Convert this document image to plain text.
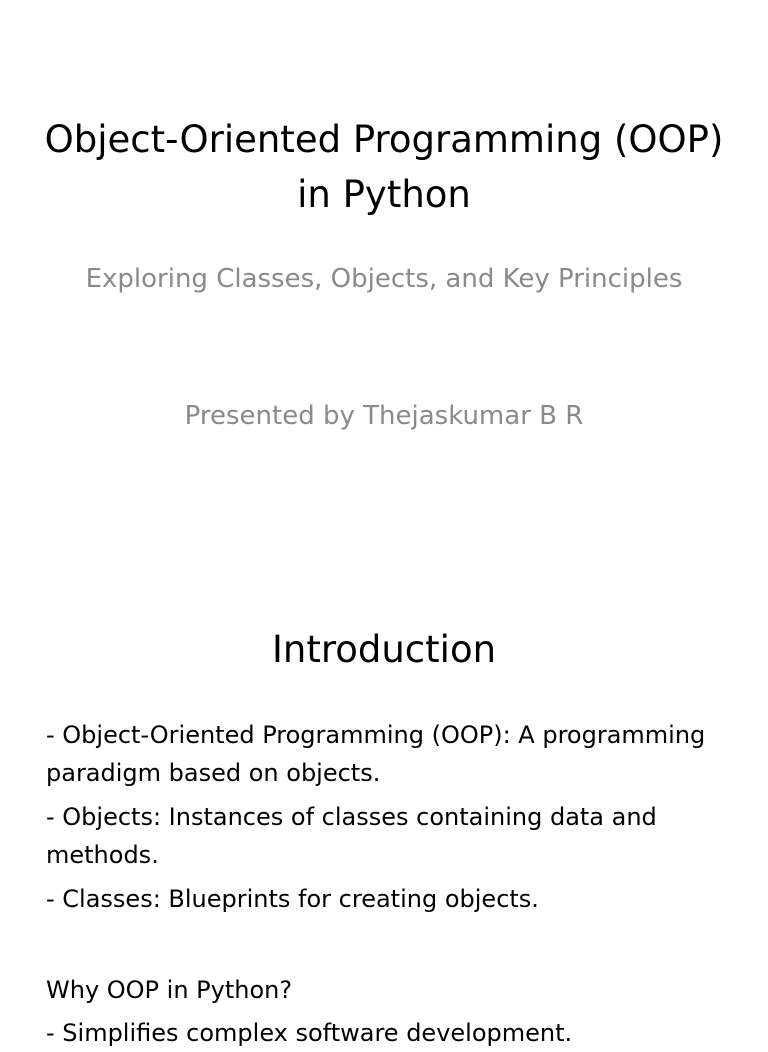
Object-Oriented Programming (OOP) in Python

Exploring Classes, Objects, and Key Principles

Presented by Thejaskumar B R

Introduction
- Object-Oriented Programming (OOP): A programming paradigm based on objects.
- Objects: Instances of classes containing data and methods.
- Classes: Blueprints for creating objects.

Why OOP in Python?

- Simplifies complex software development.
